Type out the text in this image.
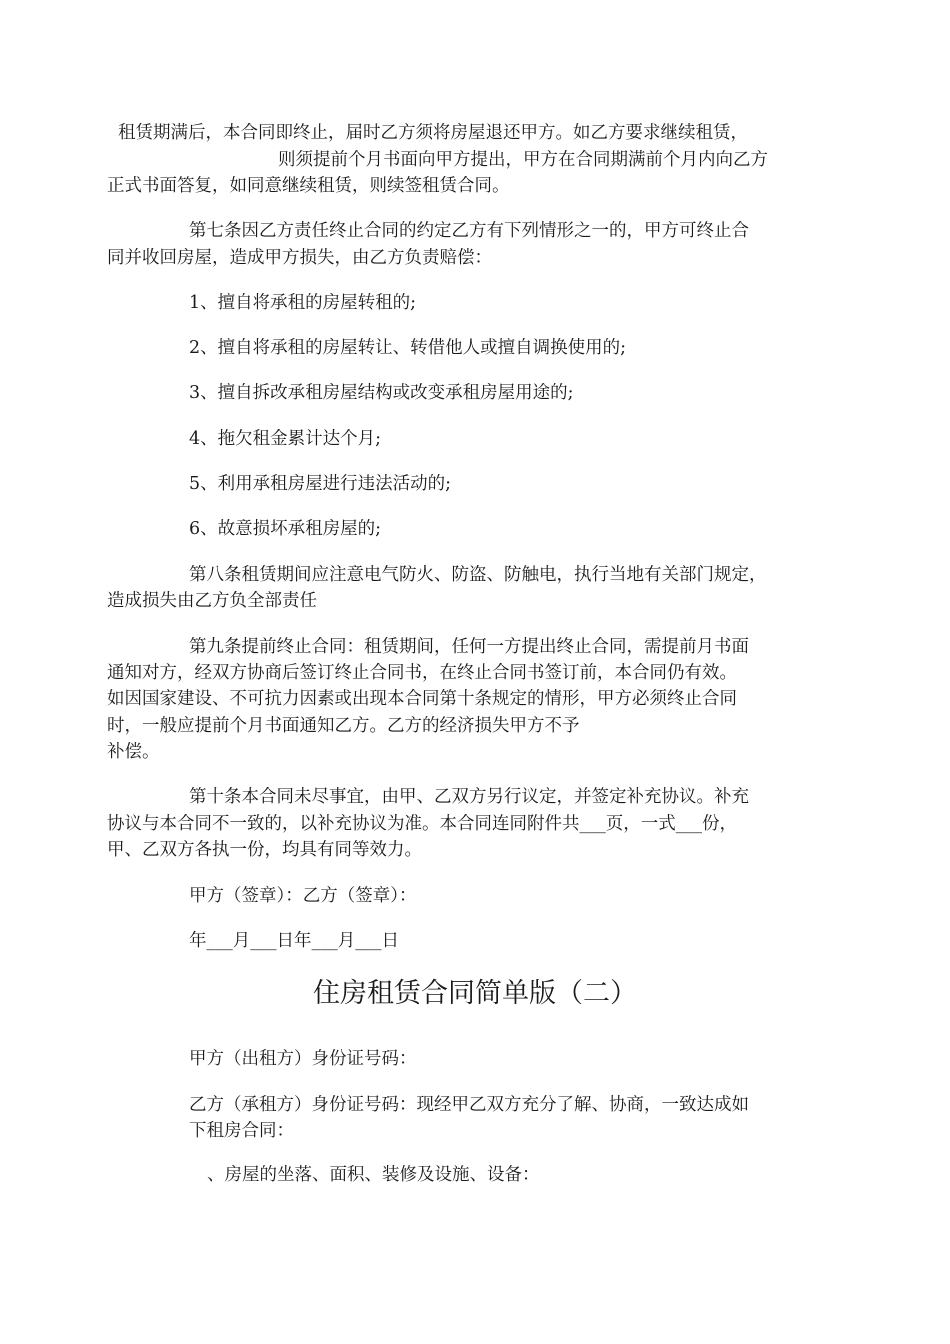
租赁期满后，本合同即终止，届时乙方须将房屋退还甲方。如乙方要求继续租赁，
则须提前个月书面向甲方提出，甲方在合同期满前个月内向乙方
正式书面答复，如同意继续租赁，则续签租赁合同。
第七条因乙方责任终止合同的约定乙方有下列情形之一的，甲方可终止合
同并收回房屋，造成甲方损失，由乙方负责赔偿：
1、擅自将承租的房屋转租的;
2、擅自将承租的房屋转让、转借他人或擅自调换使用的;
3、擅自拆改承租房屋结构或改变承租房屋用途的;
4、拖欠租金累计达个月;
5、利用承租房屋进行违法活动的;
6、故意损坏承租房屋的;
第八条租赁期间应注意电气防火、防盗、防触电，执行当地有关部门规定，
造成损失由乙方负全部责任
第九条提前终止合同：租赁期间，任何一方提出终止合同，需提前月书面
通知对方，经双方协商后签订终止合同书，在终止合同书签订前，本合同仍有效。
如因国家建设、不可抗力因素或出现本合同第十条规定的情形，甲方必须终止合同
时，一般应提前个月书面通知乙方。乙方的经济损失甲方不予
补偿。
第十条本合同未尽事宜，由甲、乙双方另行议定，并签定补充协议。补充
协议与本合同不一致的，以补充协议为准。本合同连同附件共___页，一式___份，
甲、乙双方各执一份，均具有同等效力。
甲方（签章）：乙方（签章）：
年___月___日年___月___日
住房租赁合同简单版（二）
甲方（出租方）身份证号码：
乙方（承租方）身份证号码：现经甲乙双方充分了解、协商，一致达成如
下租房合同：
、房屋的坐落、面积、装修及设施、设备：
